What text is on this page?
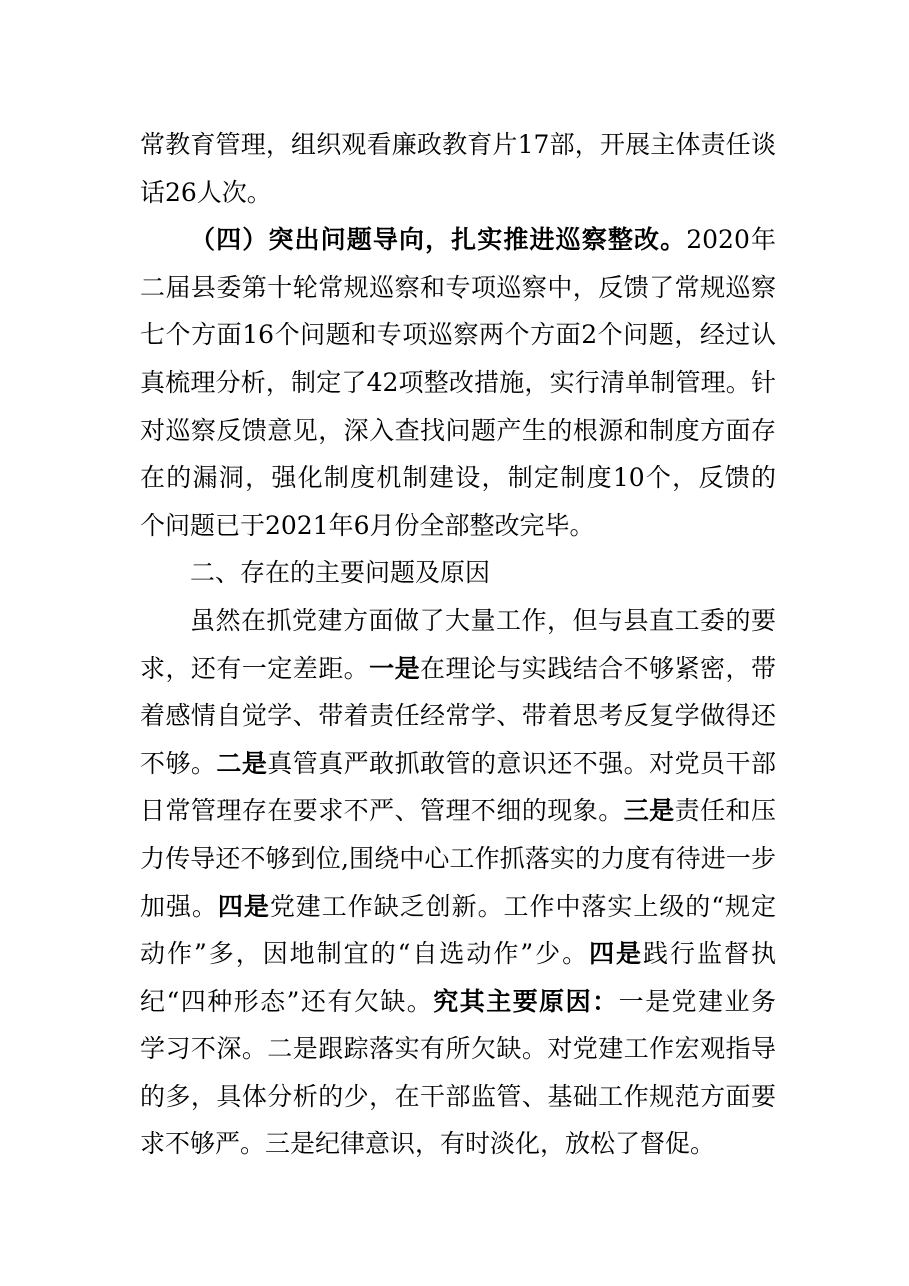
常教育管理，组织观看廉政教育片17部，开展主体责任谈
话26人次。
（四）突出问题导向，扎实推进巡察整改。2020年
二届县委第十轮常规巡察和专项巡察中，反馈了常规巡察
七个方面16个问题和专项巡察两个方面2个问题，经过认
真梳理分析，制定了42项整改措施，实行清单制管理。针
对巡察反馈意见，深入查找问题产生的根源和制度方面存
在的漏洞，强化制度机制建设，制定制度10个，反馈的
个问题已于2021年6月份全部整改完毕。
二、存在的主要问题及原因
虽然在抓党建方面做了大量工作，但与县直工委的要
求，还有一定差距。一是在理论与实践结合不够紧密，带
着感情自觉学、带着责任经常学、带着思考反复学做得还
不够。二是真管真严敢抓敢管的意识还不强。对党员干部
日常管理存在要求不严、管理不细的现象。三是责任和压
力传导还不够到位,围绕中心工作抓落实的力度有待进一步
加强。四是党建工作缺乏创新。工作中落实上级的“规定
动作”多，因地制宜的“自选动作”少。四是践行监督执
纪“四种形态”还有欠缺。究其主要原因：一是党建业务
学习不深。二是跟踪落实有所欠缺。对党建工作宏观指导
的多，具体分析的少，在干部监管、基础工作规范方面要
求不够严。三是纪律意识，有时淡化，放松了督促。
